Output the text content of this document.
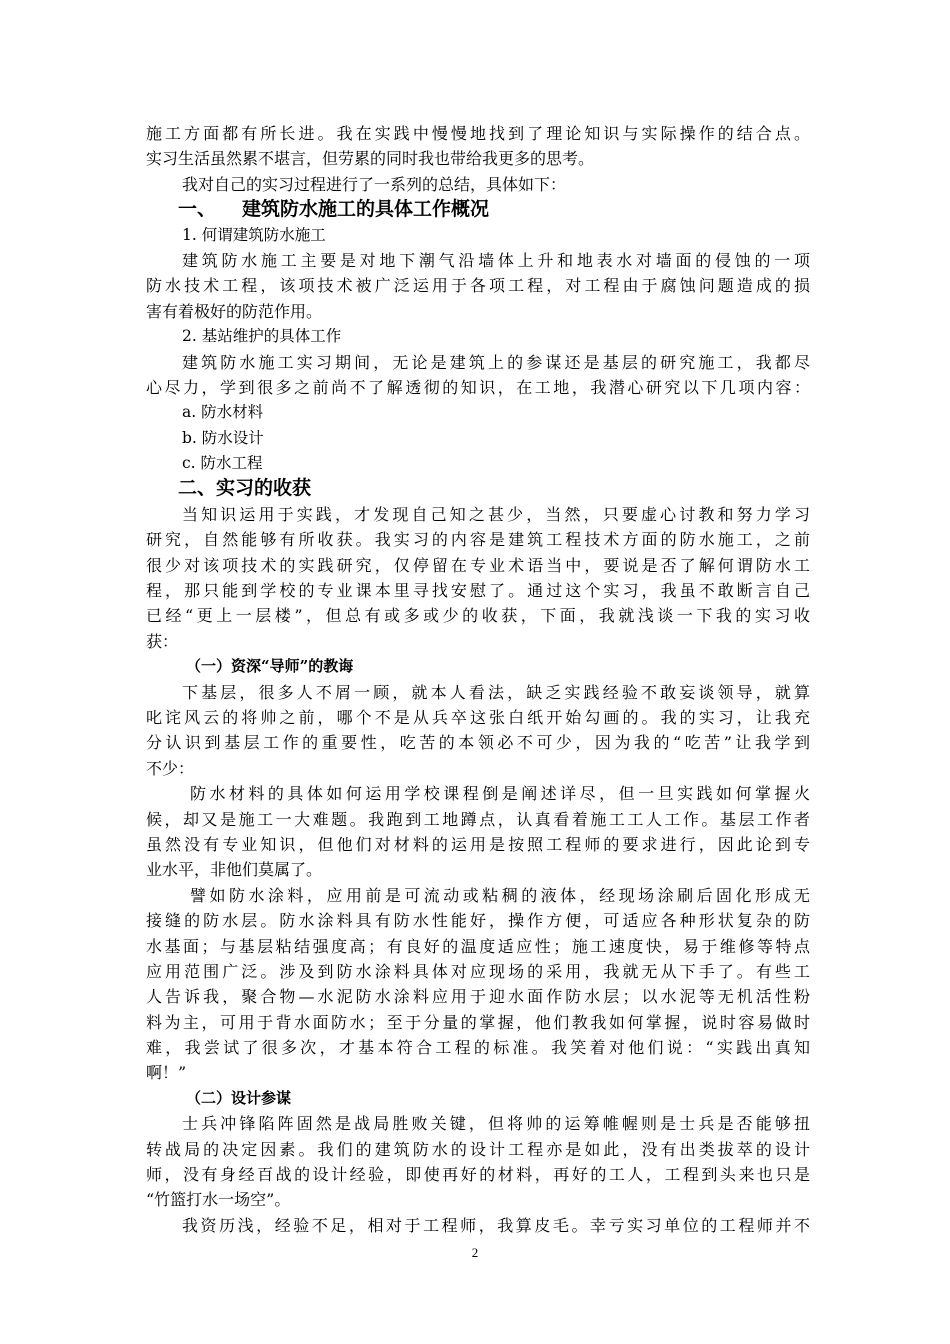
施工方面都有所长进。我在实践中慢慢地找到了理论知识与实际操作的结合点。
实习生活虽然累不堪言，但劳累的同时我也带给我更多的思考。
我对自己的实习过程进行了一系列的总结，具体如下：
一、 建筑防水施工的具体工作概况
1. 何谓建筑防水施工
建筑防水施工主要是对地下潮气沿墙体上升和地表水对墙面的侵蚀的一项
防水技术工程，该项技术被广泛运用于各项工程，对工程由于腐蚀问题造成的损
害有着极好的防范作用。
2. 基站维护的具体工作
建筑防水施工实习期间，无论是建筑上的参谋还是基层的研究施工，我都尽
心尽力，学到很多之前尚不了解透彻的知识，在工地，我潜心研究以下几项内容：
a. 防水材料
b. 防水设计
c. 防水工程
二、实习的收获
当知识运用于实践，才发现自己知之甚少，当然，只要虚心讨教和努力学习
研究，自然能够有所收获。我实习的内容是建筑工程技术方面的防水施工，之前
很少对该项技术的实践研究，仅停留在专业术语当中，要说是否了解何谓防水工
程，那只能到学校的专业课本里寻找安慰了。通过这个实习，我虽不敢断言自己
已经“更上一层楼”，但总有或多或少的收获，下面，我就浅谈一下我的实习收
获：
（一）资深“导师”的教诲
下基层，很多人不屑一顾，就本人看法，缺乏实践经验不敢妄谈领导，就算
叱诧风云的将帅之前，哪个不是从兵卒这张白纸开始勾画的。我的实习，让我充
分认识到基层工作的重要性，吃苦的本领必不可少，因为我的“吃苦”让我学到
不少：
防水材料的具体如何运用学校课程倒是阐述详尽，但一旦实践如何掌握火
候，却又是施工一大难题。我跑到工地蹲点，认真看着施工工人工作。基层工作者
虽然没有专业知识，但他们对材料的运用是按照工程师的要求进行，因此论到专
业水平，非他们莫属了。
譬如防水涂料，应用前是可流动或粘稠的液体，经现场涂刷后固化形成无
接缝的防水层。防水涂料具有防水性能好，操作方便，可适应各种形状复杂的防
水基面；与基层粘结强度高；有良好的温度适应性；施工速度快，易于维修等特点
应用范围广泛。涉及到防水涂料具体对应现场的采用，我就无从下手了。有些工
人告诉我，聚合物—水泥防水涂料应用于迎水面作防水层；以水泥等无机活性粉
料为主，可用于背水面防水；至于分量的掌握，他们教我如何掌握，说时容易做时
难，我尝试了很多次，才基本符合工程的标准。我笑着对他们说：“实践出真知
啊！”
（二）设计参谋
士兵冲锋陷阵固然是战局胜败关键，但将帅的运筹帷幄则是士兵是否能够扭
转战局的决定因素。我们的建筑防水的设计工程亦是如此，没有出类拔萃的设计
师，没有身经百战的设计经验，即使再好的材料，再好的工人，工程到头来也只是
“竹篮打水一场空”。
我资历浅，经验不足，相对于工程师，我算皮毛。幸亏实习单位的工程师并不
2
